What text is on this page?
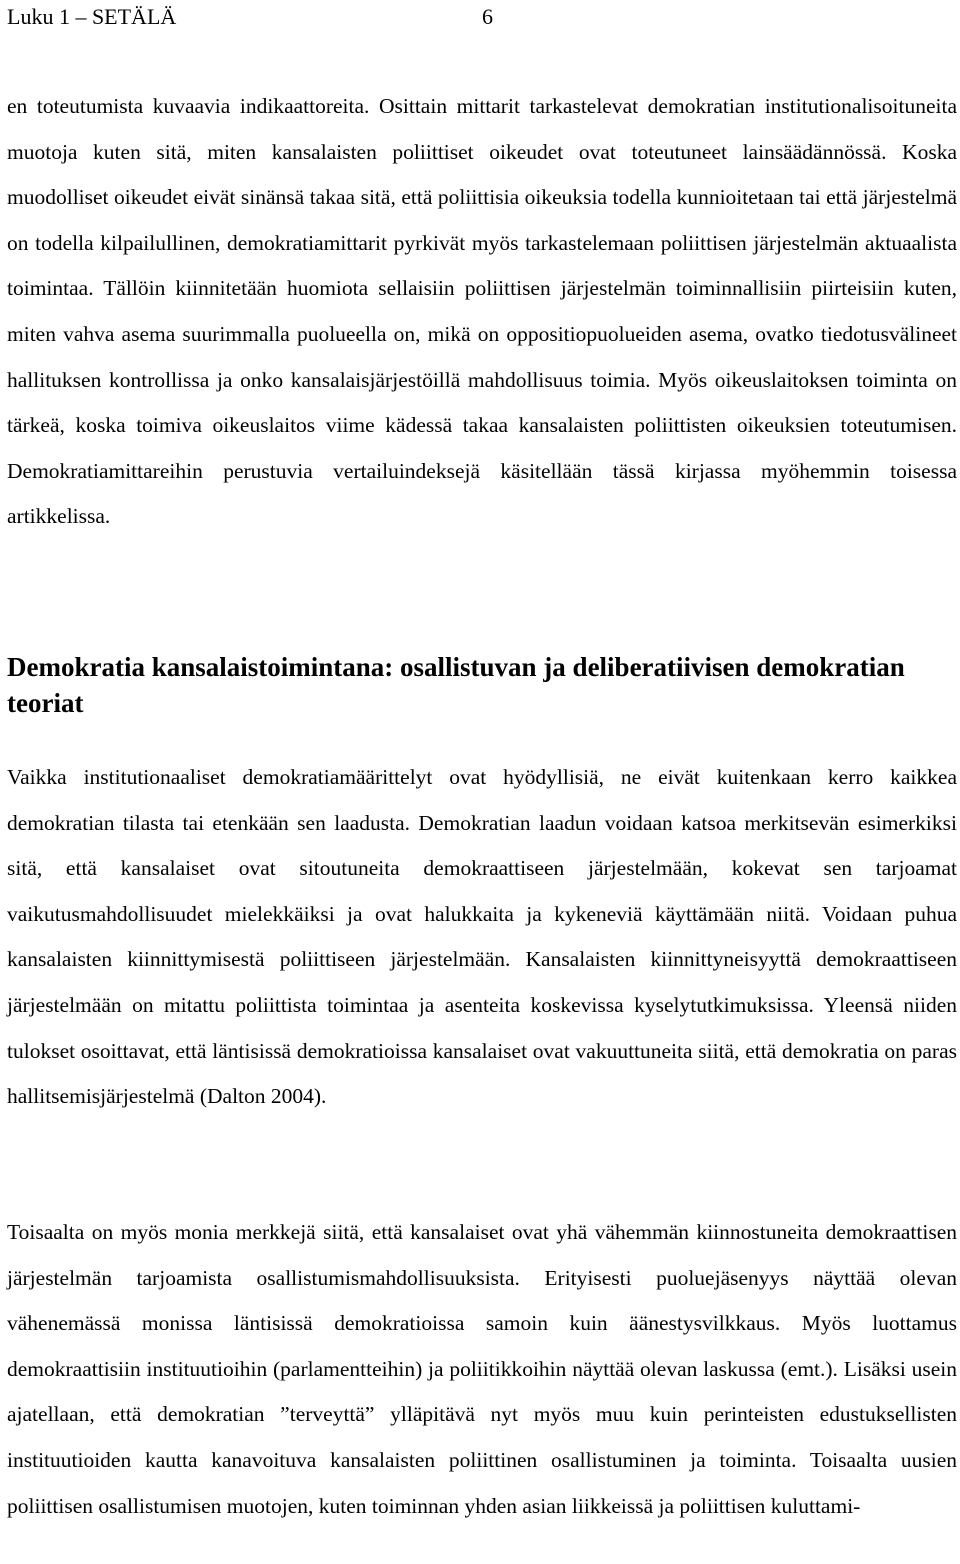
Luku 1 – SETÄLÄ	6

en toteutumista kuvaavia indikaattoreita. Osittain mittarit tarkastelevat demokratian institutionalisoituneita muotoja kuten sitä, miten kansalaisten poliittiset oikeudet ovat toteutuneet lainsäädännössä. Koska muodolliset oikeudet eivät sinänsä takaa sitä, että poliittisia oikeuksia todella kunnioitetaan tai että järjestelmä on todella kilpailullinen, demokratiamittarit pyrkivät myös tarkastelemaan poliittisen järjestelmän aktuaalista toimintaa. Tällöin kiinnitetään huomiota sellaisiin poliittisen järjestelmän toiminnallisiin piirteisiin kuten, miten vahva asema suurimmalla puolueella on, mikä on oppositiopuolueiden asema, ovatko tiedotusvälineet hallituksen kontrollissa ja onko kansalaisjärjestöillä mahdollisuus toimia. Myös oikeuslaitoksen toiminta on tärkeä, koska toimiva oikeuslaitos viime kädessä takaa kansalaisten poliittisten oikeuksien toteutumisen. Demokratiamittareihin perustuvia vertailuindeksejä käsitellään tässä kirjassa myöhemmin toisessa artikkelissa.

Demokratia kansalaistoimintana: osallistuvan ja deliberatiivisen demokratian teoriat

Vaikka institutionaaliset demokratiamäärittelyt ovat hyödyllisiä, ne eivät kuitenkaan kerro kaikkea demokratian tilasta tai etenkään sen laadusta. Demokratian laadun voidaan katsoa merkitsevän esimerkiksi sitä, että kansalaiset ovat sitoutuneita demokraattiseen järjestelmään, kokevat sen tarjoamat vaikutusmahdollisuudet mielekkäiksi ja ovat halukkaita ja kykeneviä käyttämään niitä. Voidaan puhua kansalaisten kiinnittymisestä poliittiseen järjestelmään. Kansalaisten kiinnittyneisyyttä demokraattiseen järjestelmään on mitattu poliittista toimintaa ja asenteita koskevissa kyselytutkimuksissa. Yleensä niiden tulokset osoittavat, että läntisissä demokratioissa kansalaiset ovat vakuuttuneita siitä, että demokratia on paras hallitsemisjärjestelmä (Dalton 2004).

Toisaalta on myös monia merkkejä siitä, että kansalaiset ovat yhä vähemmän kiinnostuneita demokraattisen järjestelmän tarjoamista osallistumismahdollisuuksista. Erityisesti puoluejäsenyys näyttää olevan vähenemässä monissa läntisissä demokratioissa samoin kuin äänestysvilkkaus. Myös luottamus demokraattisiin instituutioihin (parlamentteihin) ja poliitikkoihin näyttää olevan laskussa (emt.). Lisäksi usein ajatellaan, että demokratian ”terveyttä” ylläpitävä nyt myös muu kuin perinteisten edustuksellisten instituutioiden kautta kanavoituva kansalaisten poliittinen osallistuminen ja toiminta. Toisaalta uusien poliittisen osallistumisen muotojen, kuten toiminnan yhden asian liikkeissä ja poliittisen kuluttami-
